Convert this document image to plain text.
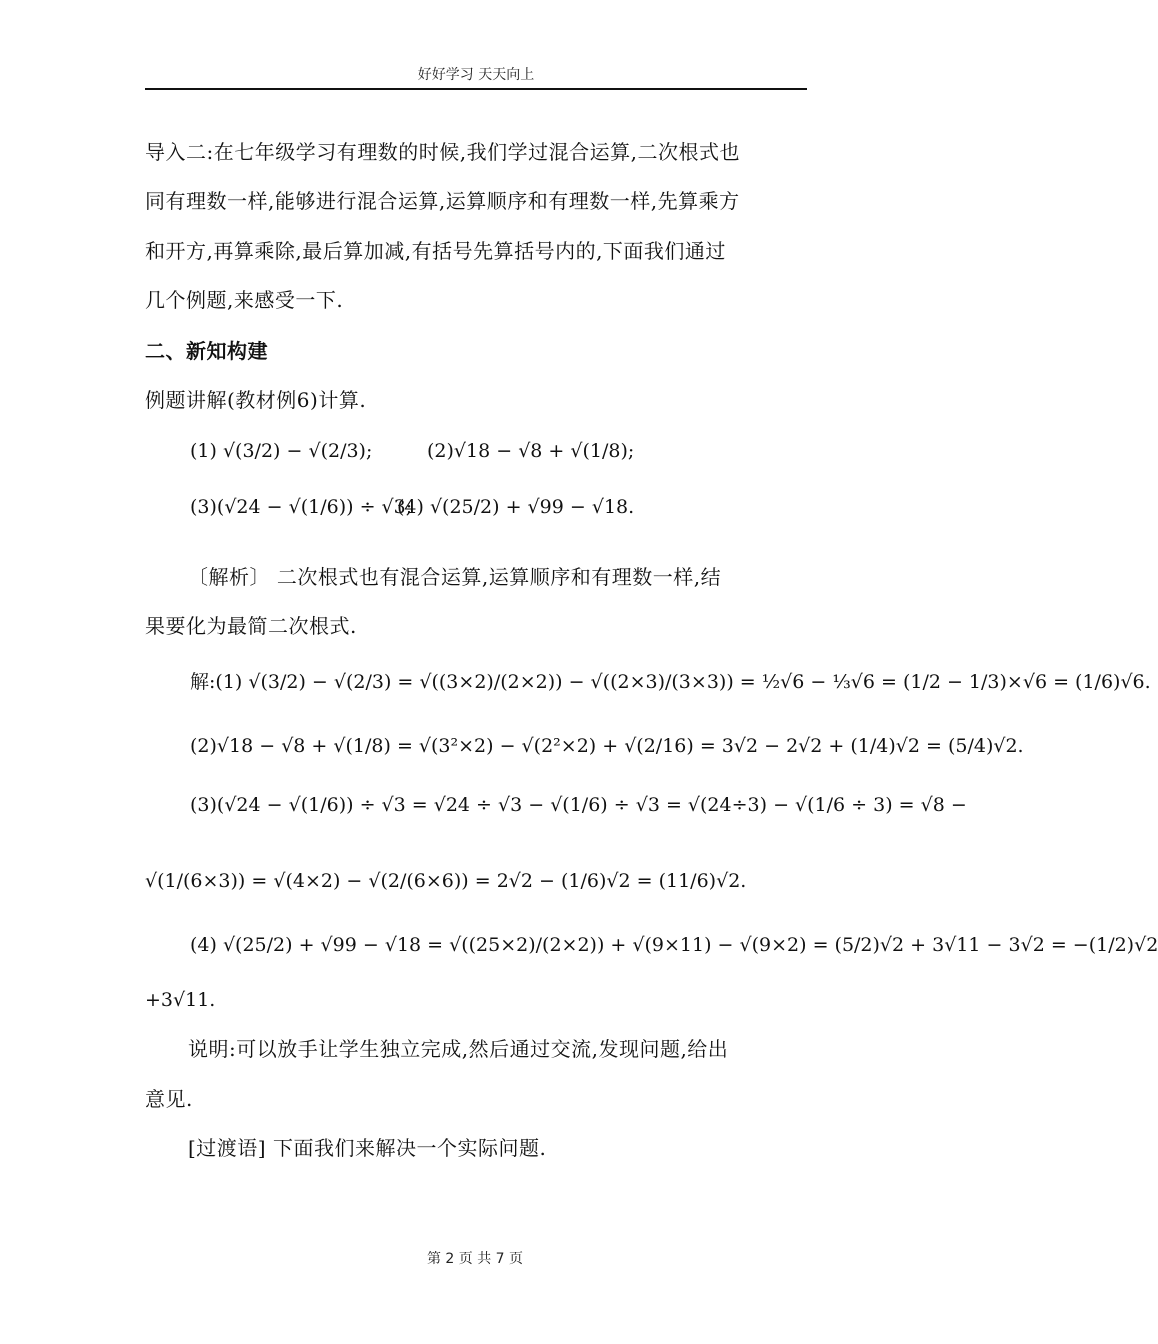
好好学习 天天向上
导入二:在七年级学习有理数的时候,我们学过混合运算,二次根式也
同有理数一样,能够进行混合运算,运算顺序和有理数一样,先算乘方
和开方,再算乘除,最后算加减,有括号先算括号内的,下面我们通过
几个例题,来感受一下.
二、新知构建
例题讲解(教材例6)计算.
(1) √(3/2) − √(2/3);	(2)√18 − √8 + √(1/8);
(3)(√24 − √(1/6)) ÷ √3;
(4) √(25/2) + √99 − √18.
〔解析〕 二次根式也有混合运算,运算顺序和有理数一样,结
果要化为最简二次根式.
解:(1) √(3/2) − √(2/3) = √((3×2)/(2×2)) − √((2×3)/(3×3)) = ½√6 − ⅓√6 = (1/2 − 1/3)×√6 = (1/6)√6.
(2)√18 − √8 + √(1/8) = √(3²×2) − √(2²×2) + √(2/16) = 3√2 − 2√2 + (1/4)√2 = (5/4)√2.
(3)(√24 − √(1/6)) ÷ √3 = √24 ÷ √3 − √(1/6) ÷ √3 = √(24÷3) − √(1/6 ÷ 3) = √8 −
√(1/(6×3)) = √(4×2) − √(2/(6×6)) = 2√2 − (1/6)√2 = (11/6)√2.
(4) √(25/2) + √99 − √18 = √((25×2)/(2×2)) + √(9×11) − √(9×2) = (5/2)√2 + 3√11 − 3√2 = −(1/2)√2
+3√11.
说明:可以放手让学生独立完成,然后通过交流,发现问题,给出
意见.
[过渡语] 下面我们来解决一个实际问题.
第 2 页 共 7 页
